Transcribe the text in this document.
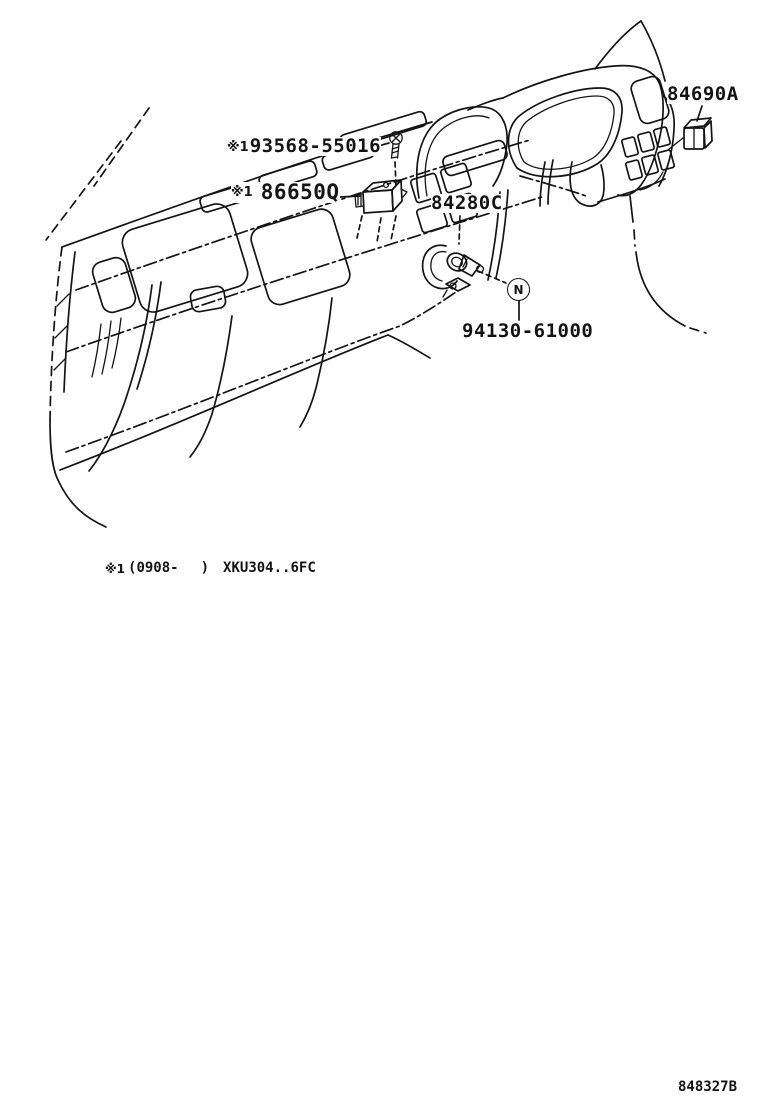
※1 93568-55016
※1 86650Q	84280C
84690A
94130-61000
N
※1 (0908- ) XKU304..6FC
848327B
